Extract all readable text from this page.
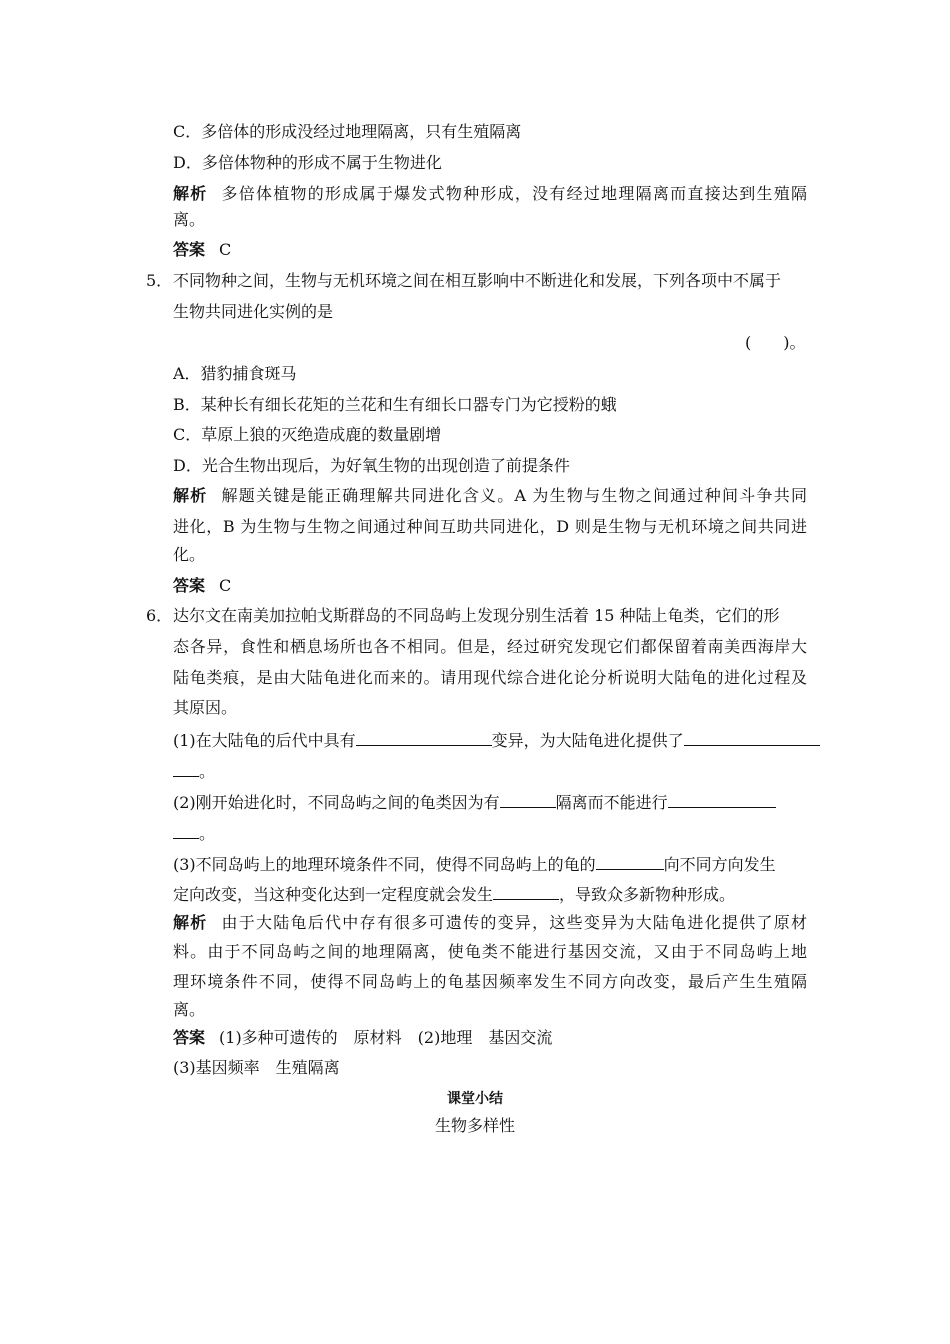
C．多倍体的形成没经过地理隔离，只有生殖隔离
D．多倍体物种的形成不属于生物进化
解析 多倍体植物的形成属于爆发式物种形成，没有经过地理隔离而直接达到生殖隔
离。
答案 C
5．不同物种之间，生物与无机环境之间在相互影响中不断进化和发展，下列各项中不属于
生物共同进化实例的是
(　　)。
A．猎豹捕食斑马
B．某种长有细长花矩的兰花和生有细长口器专门为它授粉的蛾
C．草原上狼的灭绝造成鹿的数量剧增
D．光合生物出现后，为好氧生物的出现创造了前提条件
解析 解题关键是能正确理解共同进化含义。A 为生物与生物之间通过种间斗争共同
进化，B 为生物与生物之间通过种间互助共同进化，D 则是生物与无机环境之间共同进
化。
答案 C
6．达尔文在南美加拉帕戈斯群岛的不同岛屿上发现分别生活着 15 种陆上龟类，它们的形
态各异，食性和栖息场所也各不相同。但是，经过研究发现它们都保留着南美西海岸大
陆龟类痕，是由大陆龟进化而来的。请用现代综合进化论分析说明大陆龟的进化过程及
其原因。
(1)在大陆龟的后代中具有	变异，为大陆龟进化提供了
。
(2)刚开始进化时，不同岛屿之间的龟类因为有	隔离而不能进行
。
(3)不同岛屿上的地理环境条件不同，使得不同岛屿上的龟的	向不同方向发生
定向改变，当这种变化达到一定程度就会发生	，导致众多新物种形成。
解析 由于大陆龟后代中存有很多可遗传的变异，这些变异为大陆龟进化提供了原材
料。由于不同岛屿之间的地理隔离，使龟类不能进行基因交流，又由于不同岛屿上地
理环境条件不同，使得不同岛屿上的龟基因频率发生不同方向改变，最后产生生殖隔
离。
答案 (1)多种可遗传的　原材料　(2)地理　基因交流
(3)基因频率　生殖隔离
课堂小结
生物多样性
